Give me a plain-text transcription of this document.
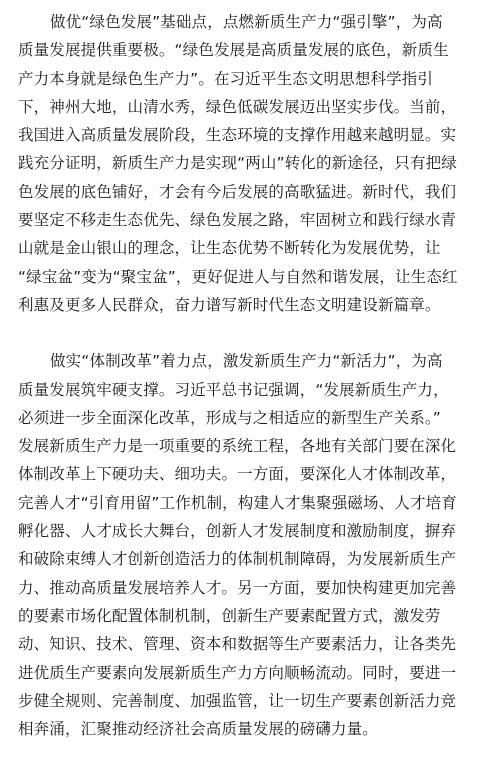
做优“绿色发展”基础点，点燃新质生产力“强引擎”，为高
质量发展提供重要极。“绿色发展是高质量发展的底色，新质生
产力本身就是绿色生产力”。在习近平生态文明思想科学指引
下，神州大地，山清水秀，绿色低碳发展迈出坚实步伐。当前，
我国进入高质量发展阶段，生态环境的支撑作用越来越明显。实
践充分证明，新质生产力是实现“两山”转化的新途径，只有把绿
色发展的底色铺好，才会有今后发展的高歌猛进。新时代，我们
要坚定不移走生态优先、绿色发展之路，牢固树立和践行绿水青
山就是金山银山的理念，让生态优势不断转化为发展优势，让
“绿宝盆”变为“聚宝盆”，更好促进人与自然和谐发展，让生态红
利惠及更多人民群众，奋力谱写新时代生态文明建设新篇章。
做实“体制改革”着力点，激发新质生产力“新活力”，为高
质量发展筑牢硬支撑。习近平总书记强调，“发展新质生产力，
必须进一步全面深化改革，形成与之相适应的新型生产关系。”
发展新质生产力是一项重要的系统工程，各地有关部门要在深化
体制改革上下硬功夫、细功夫。一方面，要深化人才体制改革，
完善人才“引育用留”工作机制，构建人才集聚强磁场、人才培育
孵化器、人才成长大舞台，创新人才发展制度和激励制度，摒弃
和破除束缚人才创新创造活力的体制机制障碍，为发展新质生产
力、推动高质量发展培养人才。另一方面，要加快构建更加完善
的要素市场化配置体制机制，创新生产要素配置方式，激发劳
动、知识、技术、管理、资本和数据等生产要素活力，让各类先
进优质生产要素向发展新质生产力方向顺畅流动。同时，要进一
步健全规则、完善制度、加强监管，让一切生产要素创新活力竞
相奔涌，汇聚推动经济社会高质量发展的磅礴力量。
